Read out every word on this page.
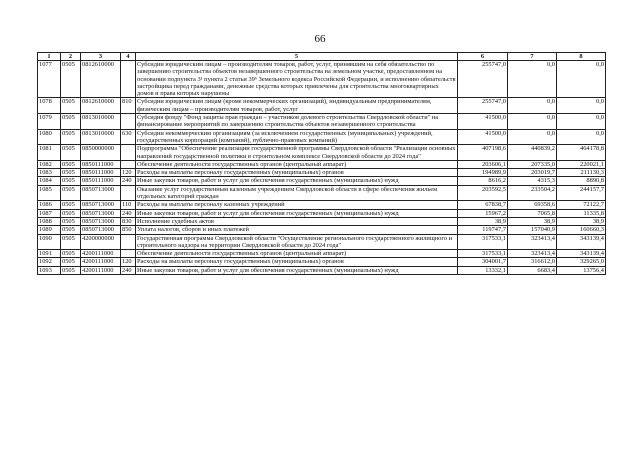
66
1	2	3	4	5	6	7	8
1077	0505	0812610000		Субсидии юридическим лицам – производителям товаров, работ, услуг, принявшим на себя обязательство по завершению строительства объектов незавершенного строительства на земельном участке, предоставленном на основании подпункта 3¹ пункта 2 статьи 39⁶ Земельного кодекса Российской Федерации, и исполнению обязательств застройщика перед гражданами, денежные средства которых привлечены для строительства многоквартирных домов и права которых нарушены	255747,0	0,0	0,0
1078	0505	0812610000	810	Субсидии юридическим лицам (кроме некоммерческих организаций), индивидуальным предпринимателям, физическим лицам – производителям товаров, работ, услуг	255747,0	0,0	0,0
1079	0505	0813010000		Субсидия фонду "Фонд защиты прав граждан – участников долевого строительства Свердловской области" на финансирование мероприятий по завершению строительства объектов незавершенного строительства	41500,0	0,0	0,0
1080	0505	0813010000	630	Субсидии некоммерческим организациям (за исключением государственных (муниципальных) учреждений, государственных корпораций (компаний), публично-правовых компаний)	41500,0	0,0	0,0
1081	0505	0850000000		Подпрограмма "Обеспечение реализации государственной программы Свердловской области "Реализация основных направлений государственной политики в строительном комплексе Свердловской области до 2024 года"	407198,6	440839,2	464178,8
1082	0505	0850111000		Обеспечение деятельности государственных органов (центральный аппарат)	203606,1	207335,0	220021,1
1083	0505	0850111000	120	Расходы на выплаты персоналу государственных (муниципальных) органов	194989,9	203019,7	211130,3
1084	0505	0850111000	240	Иные закупки товаров, работ и услуг для обеспечения государственных (муниципальных) нужд	8616,2	4315,3	8890,8
1085	0505	0850713000		Оказание услуг государственным казенным учреждением Свердловской области в сфере обеспечения жильем отдельных категорий граждан	203592,5	233504,2	244157,7
1086	0505	0850713000	110	Расходы на выплаты персоналу казенных учреждений	67838,7	69358,6	72122,7
1087	0505	0850713000	240	Иные закупки товаров, работ и услуг для обеспечения государственных (муниципальных) нужд	15967,2	7065,8	11335,8
1088	0505	0850713000	830	Исполнение судебных актов	38,9	38,9	38,9
1089	0505	0850713000	850	Уплата налогов, сборов и иных платежей	119747,7	157040,9	160660,3
1090	0505	4200000000		Государственная программа Свердловской области "Осуществление регионального государственного жилищного и строительного надзора на территории Свердловской области до 2024 года"	317533,1	323413,4	343139,4
1091	0505	4200111000		Обеспечение деятельности государственных органов (центральный аппарат)	317533,1	323413,4	343139,4
1092	0505	4200111000	120	Расходы на выплаты персоналу государственных (муниципальных) органов	304001,7	316612,0	329265,0
1093	0505	4200111000	240	Иные закупки товаров, работ и услуг для обеспечения государственных (муниципальных) нужд	13332,1	6683,4	13756,4
